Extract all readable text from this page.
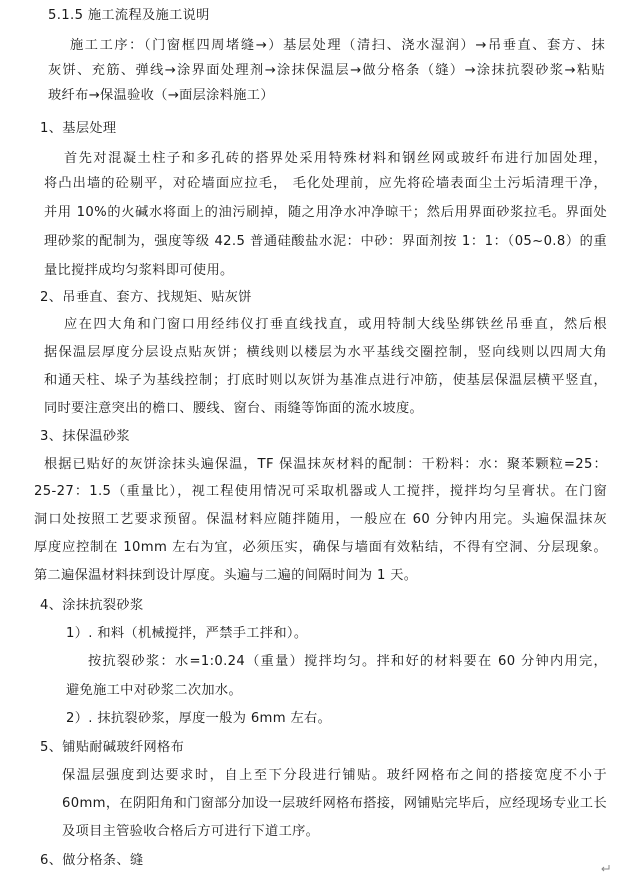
5.1.5 施工流程及施工说明
施工工序：（门窗框四周堵缝→）基层处理（清扫、浇水湿润）→吊垂直、套方、抹
灰饼、充筋、弹线→涂界面处理剂→涂抹保温层→做分格条（缝）→涂抹抗裂砂浆→粘贴
玻纤布→保温验收（→面层涂料施工）
1、基层处理
首先对混凝土柱子和多孔砖的搭界处采用特殊材料和钢丝网或玻纤布进行加固处理，
将凸出墙的砼剔平，对砼墙面应拉毛， 毛化处理前，应先将砼墙表面尘土污垢清理干净，
并用 10%的火碱水将面上的油污刷掉，随之用净水冲净晾干；然后用界面砂浆拉毛。界面处
理砂浆的配制为，强度等级 42.5 普通硅酸盐水泥：中砂：界面剂按 1：1：（05~0.8）的重
量比搅拌成均匀浆料即可使用。
2、吊垂直、套方、找规矩、贴灰饼
应在四大角和门窗口用经纬仪打垂直线找直，或用特制大线坠绑铁丝吊垂直，然后根
据保温层厚度分层设点贴灰饼；横线则以楼层为水平基线交圈控制，竖向线则以四周大角
和通天柱、垛子为基线控制；打底时则以灰饼为基准点进行冲筋，使基层保温层横平竖直，
同时要注意突出的檐口、腰线、窗台、雨缝等饰面的流水坡度。
3、抹保温砂浆
根据已贴好的灰饼涂抹头遍保温，TF 保温抹灰材料的配制：干粉料：水：聚苯颗粒=25：
25-27：1.5（重量比），视工程使用情况可采取机器或人工搅拌，搅拌均匀呈膏状。在门窗
洞口处按照工艺要求预留。保温材料应随拌随用，一般应在 60 分钟内用完。头遍保温抹灰
厚度应控制在 10mm 左右为宜，必须压实，确保与墙面有效粘结，不得有空洞、分层现象。
第二遍保温材料抹到设计厚度。头遍与二遍的间隔时间为 1 天。
4、涂抹抗裂砂浆
1）. 和料（机械搅拌，严禁手工拌和）。
按抗裂砂浆：水=1:0.24（重量）搅拌均匀。拌和好的材料要在 60 分钟内用完，
避免施工中对砂浆二次加水。
2）. 抹抗裂砂浆，厚度一般为 6mm 左右。
5、铺贴耐碱玻纤网格布
保温层强度到达要求时，自上至下分段进行铺贴。玻纤网格布之间的搭接宽度不小于
60mm，在阴阳角和门窗部分加设一层玻纤网格布搭接，网铺贴完毕后，应经现场专业工长
及项目主管验收合格后方可进行下道工序。
6、做分格条、缝
